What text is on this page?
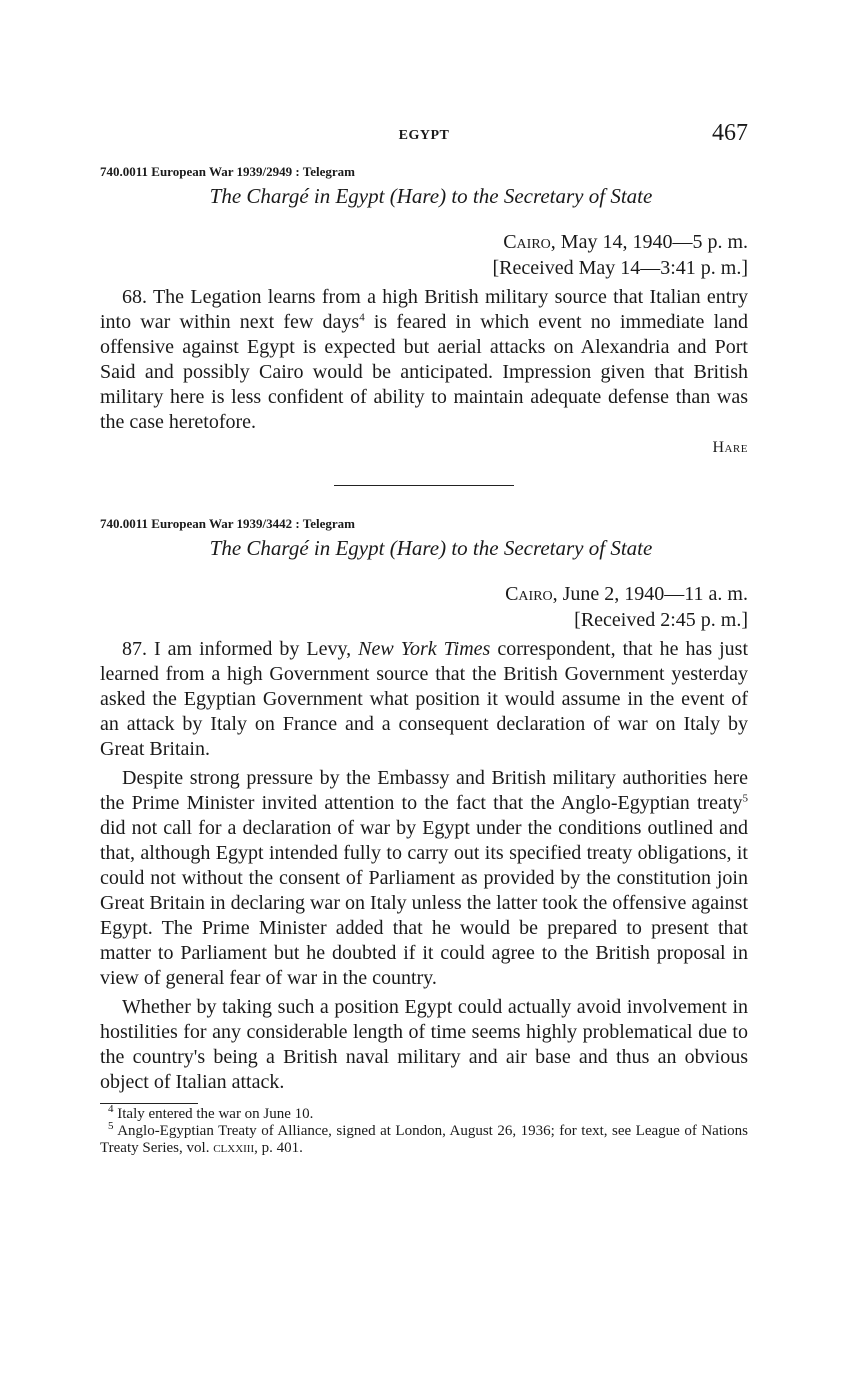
EGYPT	467
740.0011 European War 1939/2949 : Telegram
The Chargé in Egypt (Hare) to the Secretary of State
Cairo, May 14, 1940—5 p. m.
[Received May 14—3:41 p. m.]

68. The Legation learns from a high British military source that Italian entry into war within next few days$^4$ is feared in which event no immediate land offensive against Egypt is expected but aerial attacks on Alexandria and Port Said and possibly Cairo would be anticipated. Impression given that British military here is less confident of ability to maintain adequate defense than was the case heretofore.

Hare
740.0011 European War 1939/3442 : Telegram
The Chargé in Egypt (Hare) to the Secretary of State
Cairo, June 2, 1940—11 a. m.
[Received 2:45 p. m.]

87. I am informed by Levy, New York Times correspondent, that he has just learned from a high Government source that the British Government yesterday asked the Egyptian Government what position it would assume in the event of an attack by Italy on France and a consequent declaration of war on Italy by Great Britain.

Despite strong pressure by the Embassy and British military authorities here the Prime Minister invited attention to the fact that the Anglo-Egyptian treaty$^5$ did not call for a declaration of war by Egypt under the conditions outlined and that, although Egypt intended fully to carry out its specified treaty obligations, it could not without the consent of Parliament as provided by the constitution join Great Britain in declaring war on Italy unless the latter took the offensive against Egypt. The Prime Minister added that he would be prepared to present that matter to Parliament but he doubted if it could agree to the British proposal in view of general fear of war in the country.

Whether by taking such a position Egypt could actually avoid involvement in hostilities for any considerable length of time seems highly problematical due to the country's being a British naval military and air base and thus an obvious object of Italian attack.

$^4$ Italy entered the war on June 10.

$^5$ Anglo-Egyptian Treaty of Alliance, signed at London, August 26, 1936; for text, see League of Nations Treaty Series, vol. clxxiii, p. 401.
